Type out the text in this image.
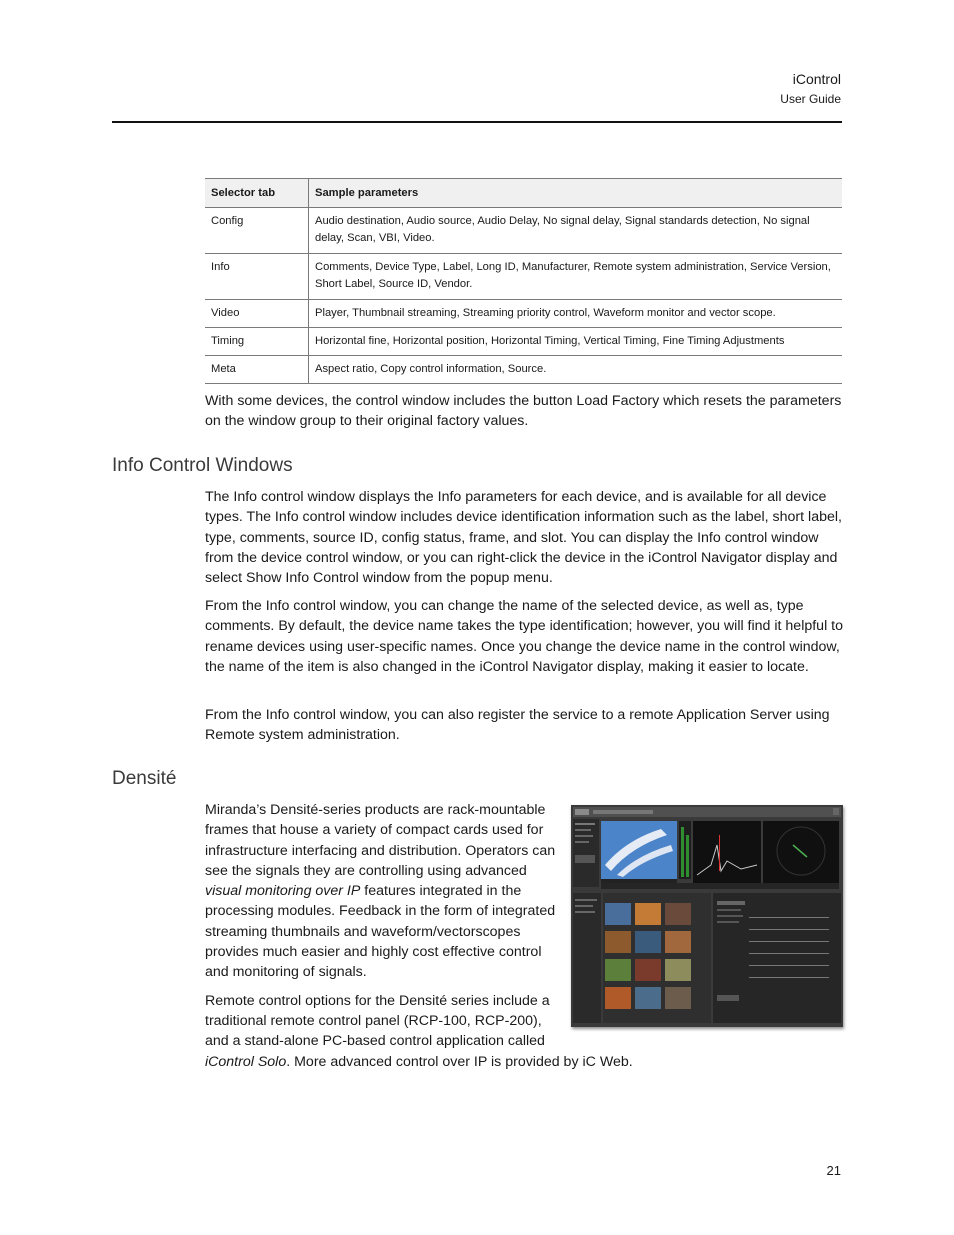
iControl
User Guide
Selector tab	Sample parameters
Config	Audio destination, Audio source, Audio Delay, No signal delay, Signal standards detection, No signal delay, Scan, VBI, Video.
Info	Comments, Device Type, Label, Long ID, Manufacturer, Remote system administration, Service Version, Short Label, Source ID, Vendor.
Video	Player, Thumbnail streaming, Streaming priority control, Waveform monitor and vector scope.
Timing	Horizontal fine, Horizontal position, Horizontal Timing, Vertical Timing, Fine Timing Adjustments
Meta	Aspect ratio, Copy control information, Source.

With some devices, the control window includes the button Load Factory which resets the parameters on the window group to their original factory values.

Info Control Windows

The Info control window displays the Info parameters for each device, and is available for all device types. The Info control window includes device identification information such as the label, short label, type, comments, source ID, config status, frame, and slot. You can display the Info control window from the device control window, or you can right-click the device in the iControl Navigator display and select Show Info Control window from the popup menu.

From the Info control window, you can change the name of the selected device, as well as, type comments. By default, the device name takes the type identification; however, you will find it helpful to rename devices using user-specific names. Once you change the device name in the control window, the name of the item is also changed in the iControl Navigator display, making it easier to locate.

From the Info control window, you can also register the service to a remote Application Server using Remote system administration.

Densité

Miranda’s Densité-series products are rack-mountable frames that house a variety of compact cards used for infrastructure interfacing and distribution. Operators can see the signals they are controlling using advanced visual monitoring over IP features integrated in the processing modules. Feedback in the form of integrated streaming thumbnails and waveform/vectorscopes provides much easier and highly cost effective control and monitoring of signals.

Remote control options for the Densité series include a traditional remote control panel (RCP-100, RCP-200), and a stand-alone PC-based control application called iControl Solo. More advanced control over IP is provided by iC Web.

21
